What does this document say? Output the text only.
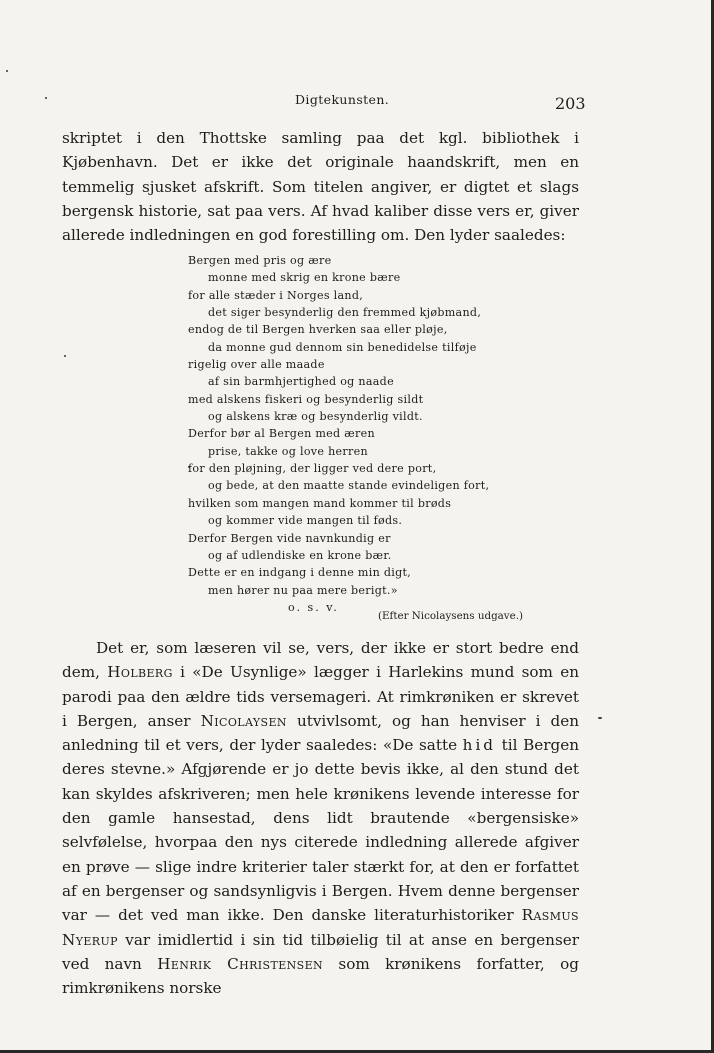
Digtekunsten.	203

skriptet i den Thottske samling paa det kgl. bibliothek i Kjøbenhavn. Det er ikke det originale haandskrift, men en temmelig sjusket afskrift. Som titelen angiver, er digtet et slags bergensk historie, sat paa vers. Af hvad kaliber disse vers er, giver allerede indledningen en god forestilling om. Den lyder saaledes:

Bergen med pris og ære
monne med skrig en krone bære
for alle stæder i Norges land,
det siger besynderlig den fremmed kjøbmand,
endog de til Bergen hverken saa eller pløje,
da monne gud dennom sin benedidelse tilføje
rigelig over alle maade
af sin barmhjertighed og naade
med alskens fiskeri og besynderlig sildt
og alskens kræ og besynderlig vildt.
Derfor bør al Bergen med æren
prise, takke og love herren
for den pløjning, der ligger ved dere port,
og bede, at den maatte stande evindeligen fort,
hvilken som mangen mand kommer til brøds
og kommer vide mangen til føds.
Derfor Bergen vide navnkundig er
og af udlendiske en krone bær.
Dette er en indgang i denne min digt,
men hører nu paa mere berigt.»
o. s. v.
(Efter Nicolaysens udgave.)

Det er, som læseren vil se, vers, der ikke er stort bedre end dem, Holberg i «De Usynlige» lægger i Harlekins mund som en parodi paa den ældre tids versemageri. At rimkrøniken er skrevet i Bergen, anser Nicolaysen utvivlsomt, og han henviser i den anledning til et vers, der lyder saaledes: «De satte hid til Bergen deres stevne.» Afgjørende er jo dette bevis ikke, al den stund det kan skyldes afskriveren; men hele krønikens levende interesse for den gamle hansestad, dens lidt brautende «bergensiske» selvfølelse, hvorpaa den nys citerede indledning allerede afgiver en prøve — slige indre kriterier taler stærkt for, at den er forfattet af en bergenser og sandsynligvis i Bergen. Hvem denne bergenser var — det ved man ikke. Den danske literaturhistoriker Rasmus Nyerup var imidlertid i sin tid tilbøielig til at anse en bergenser ved navn Henrik Christensen som krønikens forfatter, og rimkrønikens norske
